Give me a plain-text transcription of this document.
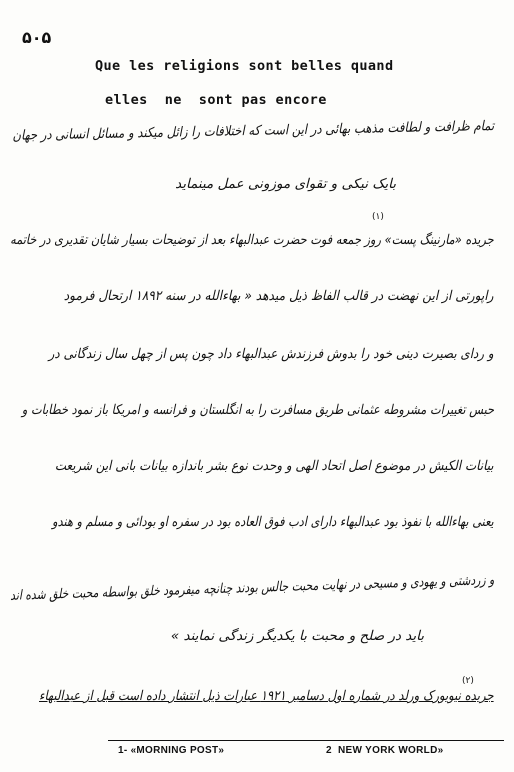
۵۰۵
Que les religions sont belles quand
elles  ne  sont pas encore
تمام ظرافت و لطافت مذهب بهائی در این است که اختلافات را زائل میکند و مسائل انسانی در جهان
بایک نیکی و تقوای موزونی عمل مینماید
(۱)
جریده «مارنینگ پست» روز جمعه فوت حضرت عبدالبهاء بعد از توضیحات بسیار شایان تقدیری در خاتمه
راپورتی از این نهضت در قالب الفاظ ذیل میدهد « بهاءالله در سنه ۱۸۹۲ ارتحال فرمود
و ردای بصیرت دینی خود را بدوش فرزندش عبدالبهاء داد چون پس از چهل سال زندگانی در
حبس تغییرات مشروطه عثمانی طریق مسافرت را به انگلستان و فرانسه و امریکا باز نمود خطابات و
بیانات الکیش در موضوع اصل اتحاد الهی و وحدت نوع بشر باندازه بیانات بانی این شریعت
یعنی بهاءالله با نفوذ بود عبدالبهاء دارای ادب فوق العاده بود در سفره او بودائی و مسلم و هندو
و زردشتی و یهودی و مسیحی در نهایت محبت جالس بودند چنانچه میفرمود خلق بواسطه محبت خلق شده اند
باید در صلح و محبت با یکدیگر زندگی نمایند »
(۲)
جریده نیویورک ورلد در شماره اول دسامبر ۱۹۲۱ عبارات ذیل انتشار داده است قبل از عبدالبهاء
1- «MORNING POST»	2  NEW YORK WORLD»
